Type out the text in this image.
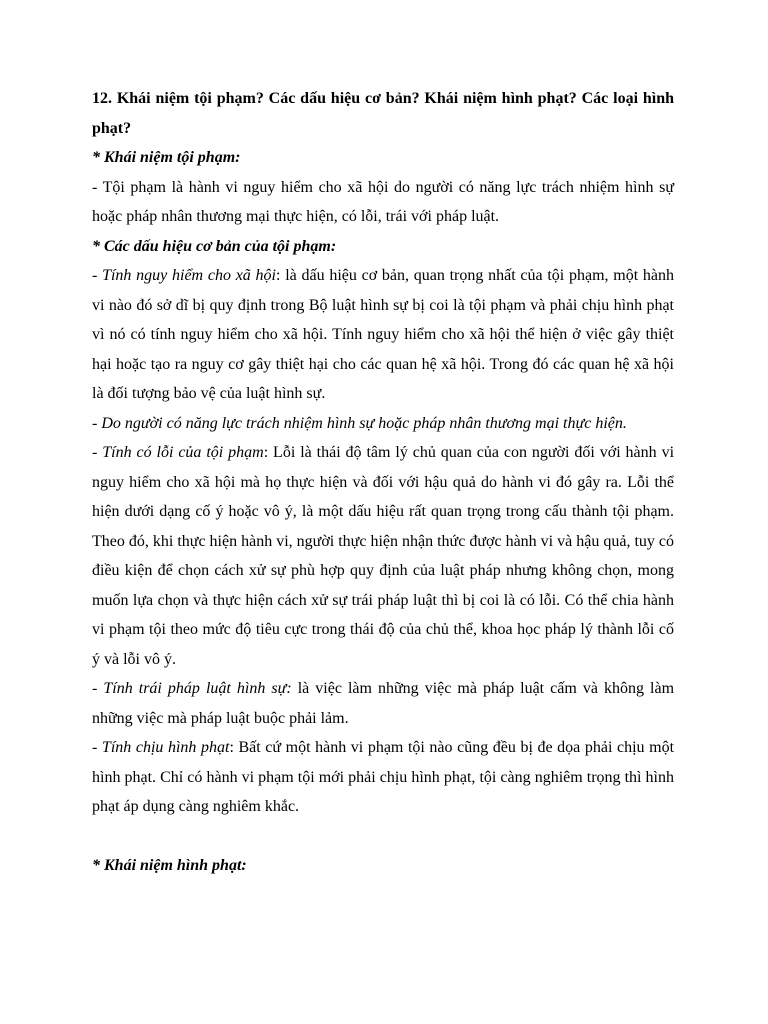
12. Khái niệm tội phạm? Các dấu hiệu cơ bản? Khái niệm hình phạt? Các loại hình phạt?

* Khái niệm tội phạm:

- Tội phạm là hành vi nguy hiểm cho xã hội do người có năng lực trách nhiệm hình sự hoặc pháp nhân thương mại thực hiện, có lỗi, trái với pháp luật.

* Các dấu hiệu cơ bản của tội phạm:

- Tính nguy hiểm cho xã hội: là dấu hiệu cơ bản, quan trọng nhất của tội phạm, một hành vi nào đó sở dĩ bị quy định trong Bộ luật hình sự bị coi là tội phạm và phải chịu hình phạt vì nó có tính nguy hiểm cho xã hội. Tính nguy hiểm cho xã hội thể hiện ở việc gây thiệt hại hoặc tạo ra nguy cơ gây thiệt hại cho các quan hệ xã hội. Trong đó các quan hệ xã hội là đối tượng bảo vệ của luật hình sự.

- Do người có năng lực trách nhiệm hình sự hoặc pháp nhân thương mại thực hiện.

- Tính có lỗi của tội phạm: Lỗi là thái độ tâm lý chủ quan của con người đối với hành vi nguy hiểm cho xã hội mà họ thực hiện và đối với hậu quả do hành vi đó gây ra. Lỗi thể hiện dưới dạng cố ý hoặc vô ý, là một dấu hiệu rất quan trọng trong cấu thành tội phạm. Theo đó, khi thực hiện hành vi, người thực hiện nhận thức được hành vi và hậu quả, tuy có điều kiện để chọn cách xử sự phù hợp quy định của luật pháp nhưng không chọn, mong muốn lựa chọn và thực hiện cách xử sự trái pháp luật thì bị coi là có lỗi. Có thể chia hành vi phạm tội theo mức độ tiêu cực trong thái độ của chủ thể, khoa học pháp lý thành lỗi cố ý và lỗi vô ý.

- Tính trái pháp luật hình sự: là việc làm những việc mà pháp luật cấm và không làm những việc mà pháp luật buộc phải lảm.

- Tính chịu hình phạt: Bất cứ một hành vi phạm tội nào cũng đều bị đe dọa phải chịu một hình phạt. Chỉ có hành vi phạm tội mới phải chịu hình phạt, tội càng nghiêm trọng thì hình phạt áp dụng càng nghiêm khắc.

* Khái niệm hình phạt:
